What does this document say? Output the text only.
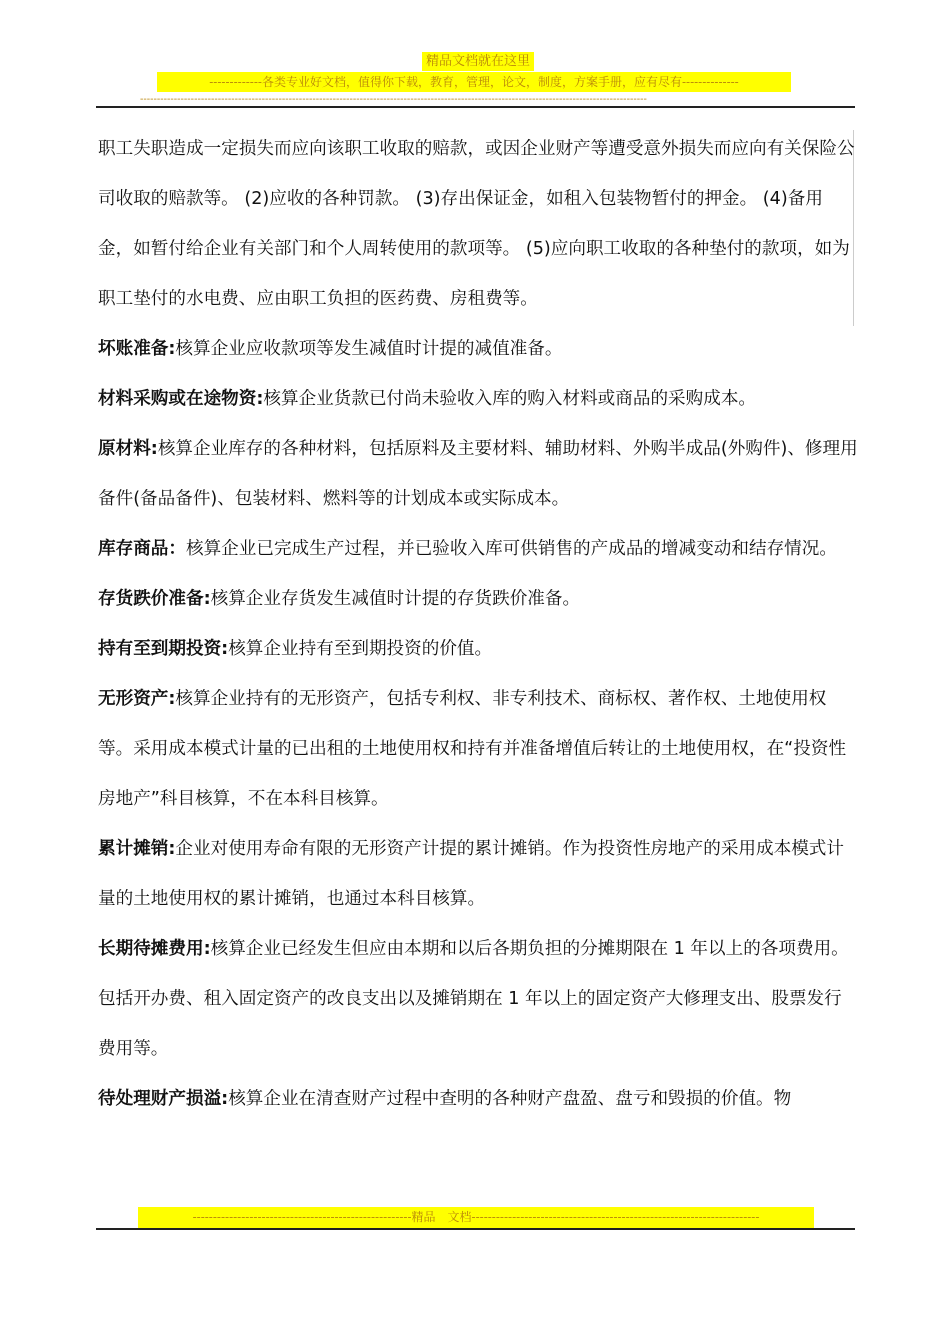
精品文档就在这里
-------------各类专业好文档，值得你下载，教育，管理，论文，制度，方案手册，应有尽有--------------
------------------------------------------------------------------------------------------------------------------------------------------------------

职工失职造成一定损失而应向该职工收取的赔款，或因企业财产等遭受意外损失而应向有关保险公司收取的赔款等。 (2)应收的各种罚款。 (3)存出保证金，如租入包装物暂付的押金。 (4)备用金，如暂付给企业有关部门和个人周转使用的款项等。 (5)应向职工收取的各种垫付的款项，如为职工垫付的水电费、应由职工负担的医药费、房租费等。

坏账准备:核算企业应收款项等发生减值时计提的减值准备。

材料采购或在途物资:核算企业货款已付尚未验收入库的购入材料或商品的采购成本。

原材料:核算企业库存的各种材料，包括原料及主要材料、辅助材料、外购半成品(外购件)、修理用备件(备品备件)、包装材料、燃料等的计划成本或实际成本。

库存商品：核算企业已完成生产过程，并已验收入库可供销售的产成品的增减变动和结存情况。

存货跌价准备:核算企业存货发生减值时计提的存货跌价准备。

持有至到期投资:核算企业持有至到期投资的价值。

无形资产:核算企业持有的无形资产，包括专利权、非专利技术、商标权、著作权、土地使用权等。采用成本模式计量的已出租的土地使用权和持有并准备增值后转让的土地使用权，在“投资性房地产”科目核算，不在本科目核算。

累计摊销:企业对使用寿命有限的无形资产计提的累计摊销。作为投资性房地产的采用成本模式计量的土地使用权的累计摊销，也通过本科目核算。

长期待摊费用:核算企业已经发生但应由本期和以后各期负担的分摊期限在 1 年以上的各项费用。包括开办费、租入固定资产的改良支出以及摊销期在 1 年以上的固定资产大修理支出、股票发行费用等。

待处理财产损溢:核算企业在清查财产过程中查明的各种财产盘盈、盘亏和毁损的价值。物

------------------------------------------------------精品　文档-----------------------------------------------------------------------
